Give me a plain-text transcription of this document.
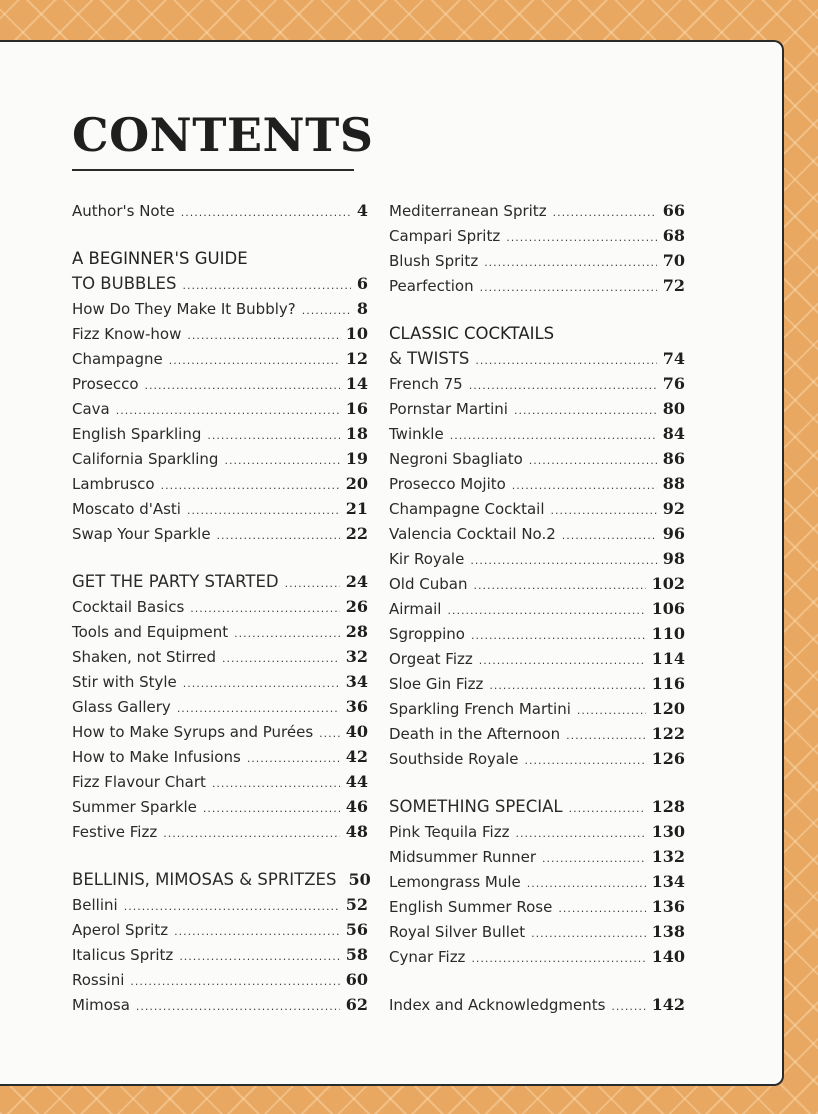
CONTENTS
Author's Note .....	4
A BEGINNER'S GUIDE
TO BUBBLES .....	6
How Do They Make It Bubbly? .....	8
Fizz Know-how .....	10
Champagne .....	12
Prosecco .....	14
Cava .....	16
English Sparkling .....	18
California Sparkling .....	19
Lambrusco .....	20
Moscato d'Asti .....	21
Swap Your Sparkle .....	22
GET THE PARTY STARTED .....	24
Cocktail Basics .....	26
Tools and Equipment .....	28
Shaken, not Stirred .....	32
Stir with Style .....	34
Glass Gallery .....	36
How to Make Syrups and Purées ..... 40
How to Make Infusions .....	42
Fizz Flavour Chart .....	44
Summer Sparkle .....	46
Festive Fizz .....	48
BELLINIS, MIMOSAS & SPRITZES 50
Bellini .....	52
Aperol Spritz .....	56
Italicus Spritz .....	58
Rossini .....	60
Mimosa .....	62
Mediterranean Spritz .....	66
Campari Spritz .....	68
Blush Spritz .....	70
Pearfection .....	72
CLASSIC COCKTAILS
& TWISTS .....	74
French 75 .....	76
Pornstar Martini .....	80
Twinkle .....	84
Negroni Sbagliato .....	86
Prosecco Mojito .....	88
Champagne Cocktail .....	92
Valencia Cocktail No.2 .....	96
Kir Royale .....	98
Old Cuban .....	102
Airmail .....	106
Sgroppino .....	110
Orgeat Fizz .....	114
Sloe Gin Fizz .....	116
Sparkling French Martini .....	120
Death in the Afternoon .....	122
Southside Royale .....	126
SOMETHING SPECIAL .....	128
Pink Tequila Fizz .....	130
Midsummer Runner .....	132
Lemongrass Mule .....	134
English Summer Rose .....	136
Royal Silver Bullet .....	138
Cynar Fizz .....	140
Index and Acknowledgments .....	142
